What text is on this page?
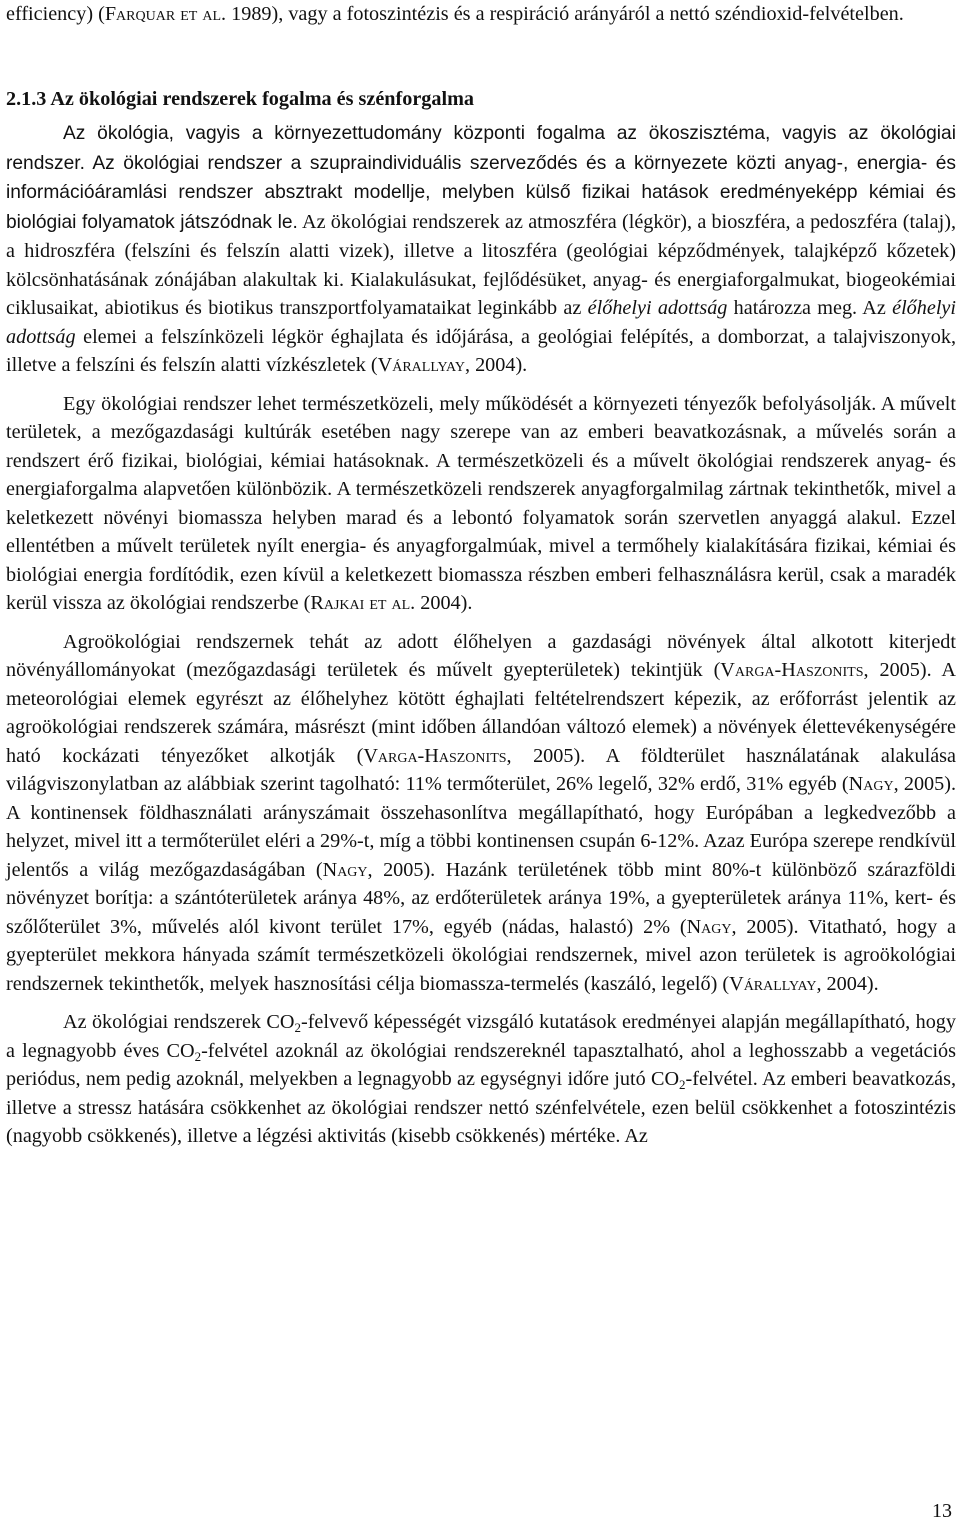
efficiency) (Farquar et al. 1989), vagy a fotoszintézis és a respiráció arányáról a nettó széndioxid-felvételben.

2.1.3 Az ökológiai rendszerek fogalma és szénforgalma

Az ökológia, vagyis a környezettudomány központi fogalma az ökoszisztéma, vagyis az ökológiai rendszer. Az ökológiai rendszer a szupraindividuális szerveződés és a környezete közti anyag-, energia- és információáramlási rendszer absztrakt modellje, melyben külső fizikai hatások eredményeképp kémiai és biológiai folyamatok játszódnak le. Az ökológiai rendszerek az atmoszféra (légkör), a bioszféra, a pedoszféra (talaj), a hidroszféra (felszíni és felszín alatti vizek), illetve a litoszféra (geológiai képződmények, talajképző kőzetek) kölcsönhatásának zónájában alakultak ki. Kialakulásukat, fejlődésüket, anyag- és energiaforgalmukat, biogeokémiai ciklusaikat, abiotikus és biotikus transzportfolyamataikat leginkább az élőhelyi adottság határozza meg. Az élőhelyi adottság elemei a felszínközeli légkör éghajlata és időjárása, a geológiai felépítés, a domborzat, a talajviszonyok, illetve a felszíni és felszín alatti vízkészletek (Várallyay, 2004).

Egy ökológiai rendszer lehet természetközeli, mely működését a környezeti tényezők befolyásolják. A művelt területek, a mezőgazdasági kultúrák esetében nagy szerepe van az emberi beavatkozásnak, a művelés során a rendszert érő fizikai, biológiai, kémiai hatásoknak. A természetközeli és a művelt ökológiai rendszerek anyag- és energiaforgalma alapvetően különbözik. A természetközeli rendszerek anyagforgalmilag zártnak tekinthetők, mivel a keletkezett növényi biomassza helyben marad és a lebontó folyamatok során szervetlen anyaggá alakul. Ezzel ellentétben a művelt területek nyílt energia- és anyagforgalmúak, mivel a termőhely kialakítására fizikai, kémiai és biológiai energia fordítódik, ezen kívül a keletkezett biomassza részben emberi felhasználásra kerül, csak a maradék kerül vissza az ökológiai rendszerbe (Rajkai et al. 2004).

Agroökológiai rendszernek tehát az adott élőhelyen a gazdasági növények által alkotott kiterjedt növényállományokat (mezőgazdasági területek és művelt gyepterületek) tekintjük (Varga-Haszonits, 2005). A meteorológiai elemek egyrészt az élőhelyhez kötött éghajlati feltételrendszert képezik, az erőforrást jelentik az agroökológiai rendszerek számára, másrészt (mint időben állandóan változó elemek) a növények élettevékenységére ható kockázati tényezőket alkotják (Varga-Haszonits, 2005). A földterület használatának alakulása világviszonylatban az alábbiak szerint tagolható: 11% termőterület, 26% legelő, 32% erdő, 31% egyéb (Nagy, 2005). A kontinensek földhasználati arányszámait összehasonlítva megállapítható, hogy Európában a legkedvezőbb a helyzet, mivel itt a termőterület eléri a 29%-t, míg a többi kontinensen csupán 6-12%. Azaz Európa szerepe rendkívül jelentős a világ mezőgazdaságában (Nagy, 2005). Hazánk területének több mint 80%-t különböző szárazföldi növényzet borítja: a szántóterületek aránya 48%, az erdőterületek aránya 19%, a gyepterületek aránya 11%, kert- és szőlőterület 3%, művelés alól kivont terület 17%, egyéb (nádas, halastó) 2% (Nagy, 2005). Vitatható, hogy a gyepterület mekkora hányada számít természetközeli ökológiai rendszernek, mivel azon területek is agroökológiai rendszernek tekinthetők, melyek hasznosítási célja biomassza-termelés (kaszáló, legelő) (Várallyay, 2004).

Az ökológiai rendszerek $CO_2$-felvevő képességét vizsgáló kutatások eredményei alapján megállapítható, hogy a legnagyobb éves $CO_2$-felvétel azoknál az ökológiai rendszereknél tapasztalható, ahol a leghosszabb a vegetációs periódus, nem pedig azoknál, melyekben a legnagyobb az egységnyi időre jutó $CO_2$-felvétel. Az emberi beavatkozás, illetve a stressz hatására csökkenhet az ökológiai rendszer nettó szénfelvétele, ezen belül csökkenhet a fotoszintézis (nagyobb csökkenés), illetve a légzési aktivitás (kisebb csökkenés) mértéke. Az

13
